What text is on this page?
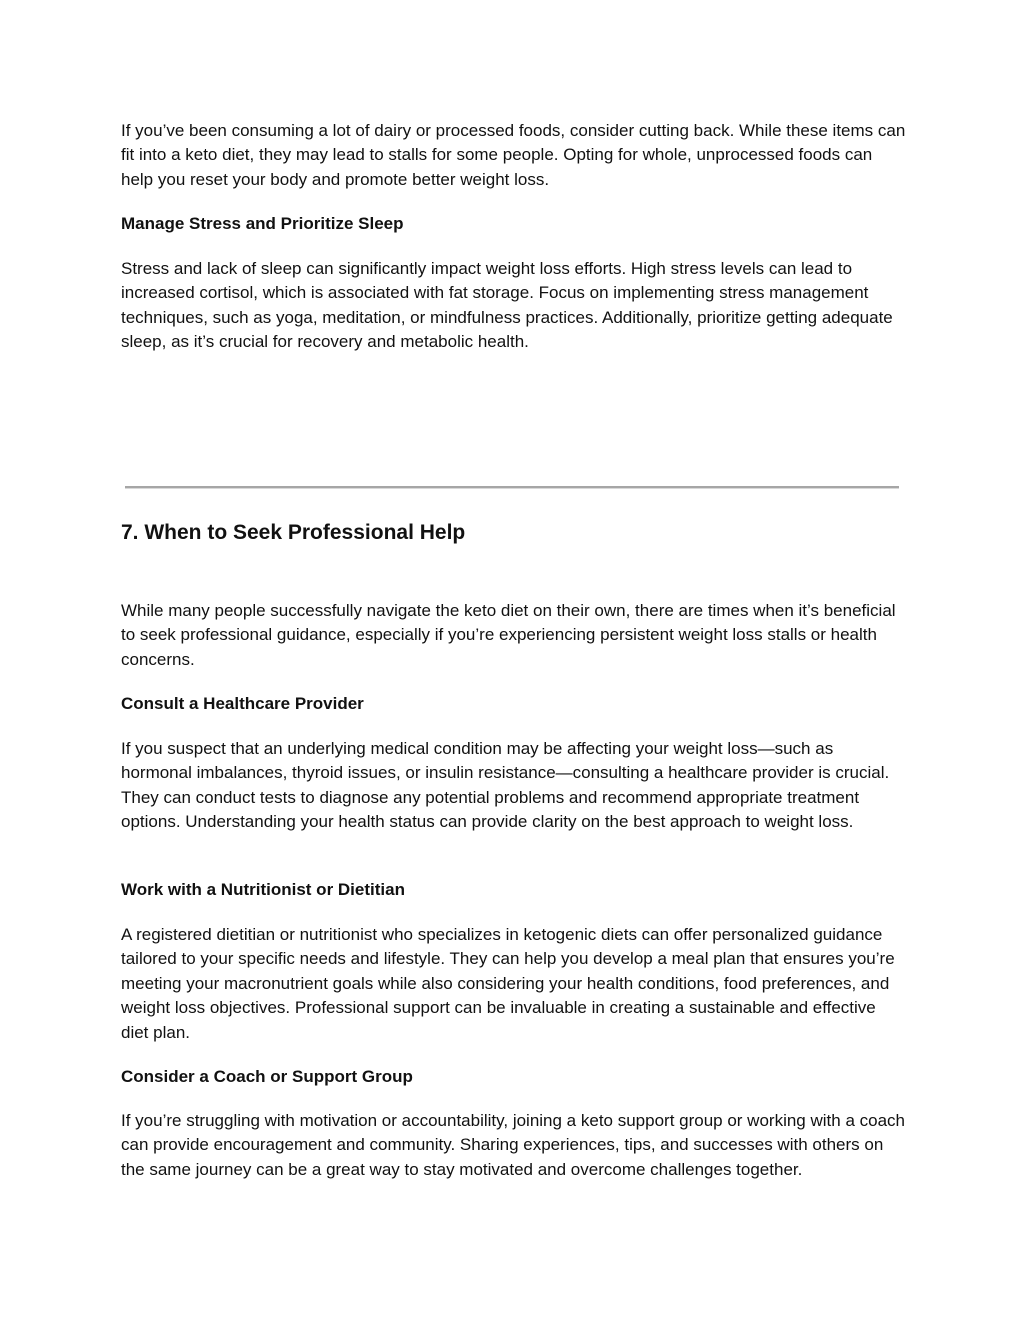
If you’ve been consuming a lot of dairy or processed foods, consider cutting back. While these items can fit into a keto diet, they may lead to stalls for some people. Opting for whole, unprocessed foods can help you reset your body and promote better weight loss.

Manage Stress and Prioritize Sleep

Stress and lack of sleep can significantly impact weight loss efforts. High stress levels can lead to increased cortisol, which is associated with fat storage. Focus on implementing stress management techniques, such as yoga, meditation, or mindfulness practices. Additionally, prioritize getting adequate sleep, as it’s crucial for recovery and metabolic health.

7. When to Seek Professional Help

While many people successfully navigate the keto diet on their own, there are times when it’s beneficial to seek professional guidance, especially if you’re experiencing persistent weight loss stalls or health concerns.

Consult a Healthcare Provider

If you suspect that an underlying medical condition may be affecting your weight loss—such as hormonal imbalances, thyroid issues, or insulin resistance—consulting a healthcare provider is crucial. They can conduct tests to diagnose any potential problems and recommend appropriate treatment options. Understanding your health status can provide clarity on the best approach to weight loss.

Work with a Nutritionist or Dietitian

A registered dietitian or nutritionist who specializes in ketogenic diets can offer personalized guidance tailored to your specific needs and lifestyle. They can help you develop a meal plan that ensures you’re meeting your macronutrient goals while also considering your health conditions, food preferences, and weight loss objectives. Professional support can be invaluable in creating a sustainable and effective diet plan.

Consider a Coach or Support Group

If you’re struggling with motivation or accountability, joining a keto support group or working with a coach can provide encouragement and community. Sharing experiences, tips, and successes with others on the same journey can be a great way to stay motivated and overcome challenges together.
